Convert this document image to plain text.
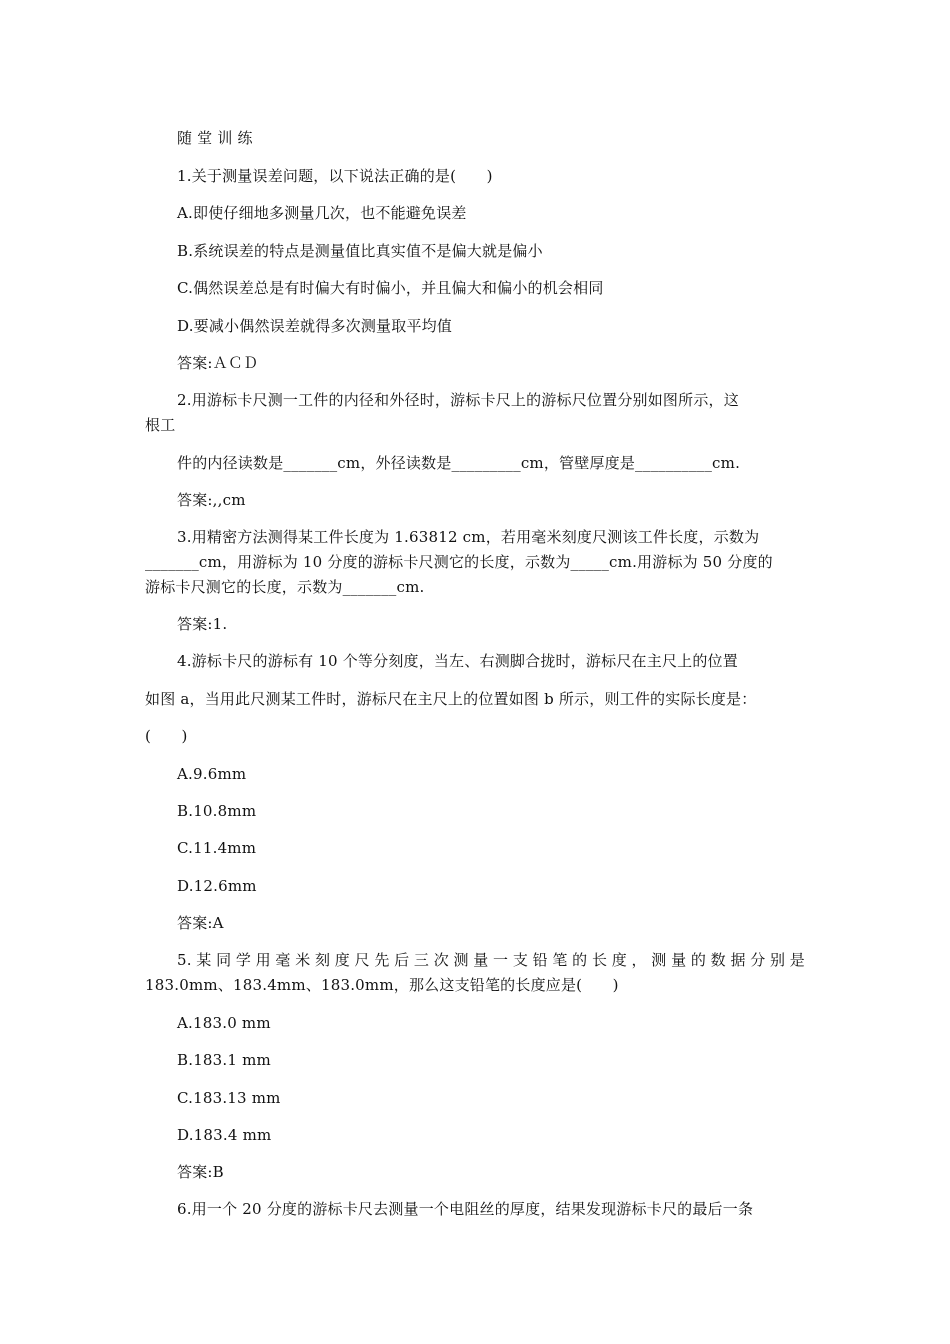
随 堂 训 练
1.关于测量误差问题，以下说法正确的是(　　)
A.即使仔细地多测量几次，也不能避免误差
B.系统误差的特点是测量值比真实值不是偏大就是偏小
C.偶然误差总是有时偏大有时偏小，并且偏大和偏小的机会相同
D.要减小偶然误差就得多次测量取平均值
答案:ＡＣＤ
2.用游标卡尺测一工件的内径和外径时，游标卡尺上的游标尺位置分别如图所示，这
根工
件的内径读数是_______cm，外径读数是_________cm，管壁厚度是__________cm.
答案:,,cm
3.用精密方法测得某工件长度为 1.63812 cm，若用毫米刻度尺测该工件长度，示数为
_______cm，用游标为 10 分度的游标卡尺测它的长度，示数为_____cm.用游标为 50 分度的
游标卡尺测它的长度，示数为_______cm.
答案:1.
4.游标卡尺的游标有 10 个等分刻度，当左、右测脚合拢时，游标尺在主尺上的位置
如图 a，当用此尺测某工件时，游标尺在主尺上的位置如图 b 所示，则工件的实际长度是：
(　　)
A.9.6mm
B.10.8mm
C.11.4mm
D.12.6mm
答案:A
5.某同学用毫米刻度尺先后三次测量一支铅笔的长度，测量的数据分别是
183.0mm、183.4mm、183.0mm，那么这支铅笔的长度应是(　　)
A.183.0 mm
B.183.1 mm
C.183.13 mm
D.183.4 mm
答案:B
6.用一个 20 分度的游标卡尺去测量一个电阻丝的厚度，结果发现游标卡尺的最后一条
